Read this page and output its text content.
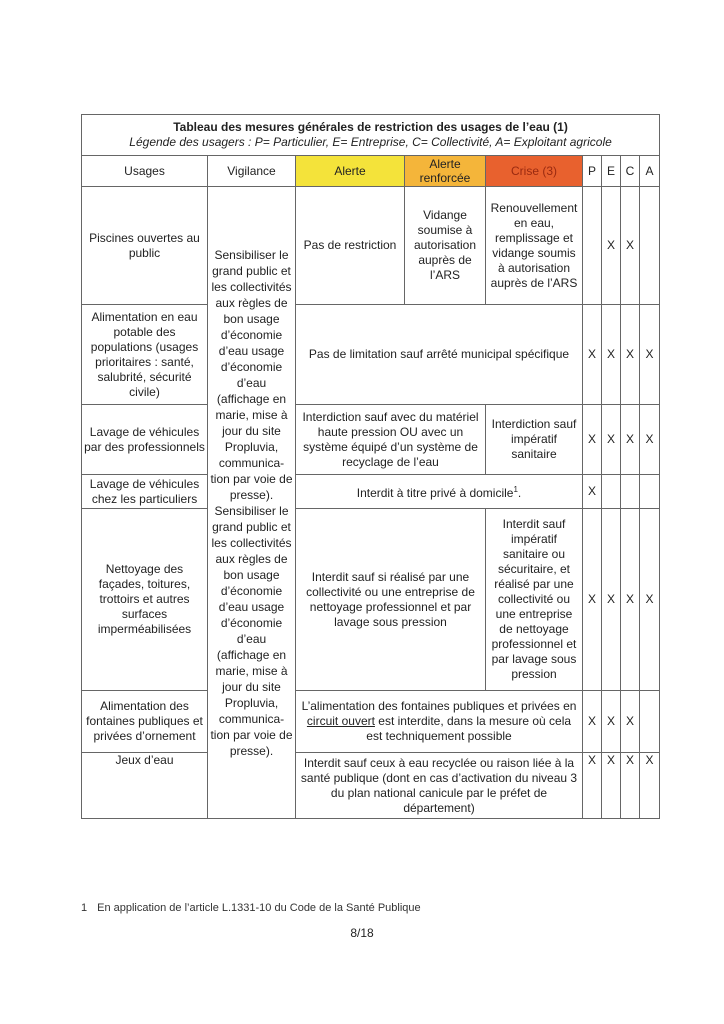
Tableau des mesures générales de restriction des usages de l’eau (1)
Légende des usagers : P= Particulier, E= Entreprise, C= Collectivité, A= Exploitant agricole								

Usages	Vigilance	Alerte	Alerte renforcée	Crise (3)	P	E	C	A
Piscines ouvertes au public	Sensibiliser le grand public et les collectivités aux règles de bon usage d’économie d’eau usage d’économie d’eau (affichage en marie, mise à jour du site Propluvia, communica-tion par voie de presse). Sensibiliser le grand public et les collectivités aux règles de bon usage d’économie d’eau usage d’économie d’eau (affichage en marie, mise à jour du site Propluvia, communica-tion par voie de presse).	Pas de restriction	Vidange soumise à autorisation auprès de l’ARS	Renouvellement en eau, remplissage et vidange soumis à autorisation auprès de l’ARS		X	X	
Alimentation en eau potable des populations (usages prioritaires : santé, salubrité, sécurité civile)		Pas de limitation sauf arrêté municipal spécifique			X	X	X	X
Lavage de véhicules par des professionnels		Interdiction sauf avec du matériel haute pression OU avec un système équipé d’un système de recyclage de l’eau		Interdiction sauf impératif sanitaire	X	X	X	X
Lavage de véhicules chez les particuliers		Interdit à titre privé à domicile$^1$.			X			
Nettoyage des façades, toitures, trottoirs et autres surfaces imperméabilisées		Interdit sauf si réalisé par une collectivité ou une entreprise de nettoyage professionnel et par lavage sous pression		Interdit sauf impératif sanitaire ou sécuritaire, et réalisé par une collectivité ou une entreprise de nettoyage professionnel et par lavage sous pression	X	X	X	X
Alimentation des fontaines publiques et privées d’ornement		L’alimentation des fontaines publiques et privées en circuit ouvert est interdite, dans la mesure où cela est techniquement possible			X	X	X	
Jeux d’eau		Interdit sauf ceux à eau recyclée ou raison liée à la santé publique (dont en cas d’activation du niveau 3 du plan national canicule par le préfet de département)			X	X	X	X
1 En application de l’article L.1331-10 du Code de la Santé Publique
8/18
